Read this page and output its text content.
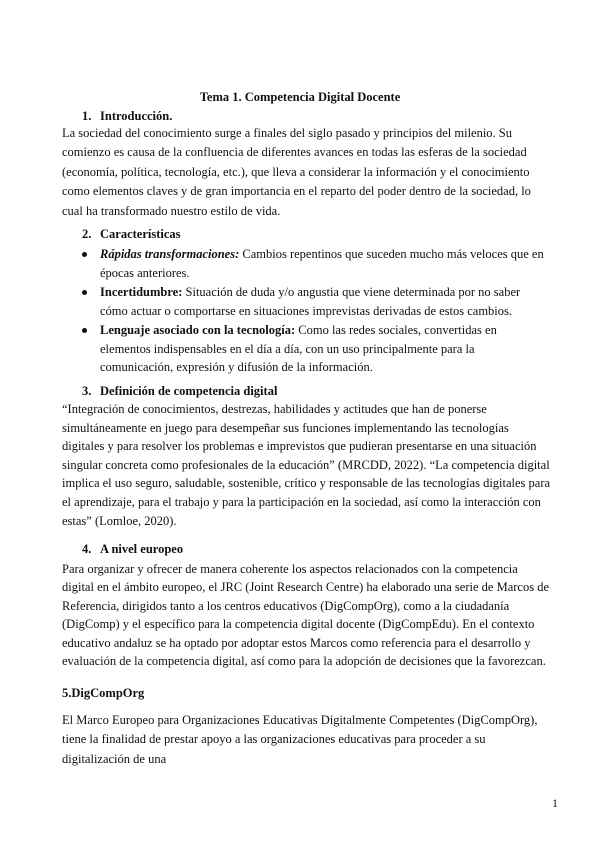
Tema 1. Competencia Digital Docente
1. Introducción.
La sociedad del conocimiento surge a finales del siglo pasado y principios del milenio. Su comienzo es causa de la confluencia de diferentes avances en todas las esferas de la sociedad (economía, política, tecnología, etc.), que lleva a considerar la información y el conocimiento como elementos claves y de gran importancia en el reparto del poder dentro de la sociedad, lo cual ha transformado nuestro estilo de vida.
2. Características
Rápidas transformaciones: Cambios repentinos que suceden mucho más veloces que en épocas anteriores.
Incertidumbre: Situación de duda y/o angustia que viene determinada por no saber cómo actuar o comportarse en situaciones imprevistas derivadas de estos cambios.
Lenguaje asociado con la tecnología: Como las redes sociales, convertidas en elementos indispensables en el día a día, con un uso principalmente para la comunicación, expresión y difusión de la información.
3. Definición de competencia digital
“Integración de conocimientos, destrezas, habilidades y actitudes que han de ponerse simultáneamente en juego para desempeñar sus funciones implementando las tecnologías digitales y para resolver los problemas e imprevistos que pudieran presentarse en una situación singular concreta como profesionales de la educación” (MRCDD, 2022). “La competencia digital implica el uso seguro, saludable, sostenible, crítico y responsable de las tecnologías digitales para el aprendizaje, para el trabajo y para la participación en la sociedad, así como la interacción con estas” (Lomloe, 2020).
4. A nivel europeo
Para organizar y ofrecer de manera coherente los aspectos relacionados con la competencia digital en el ámbito europeo, el JRC (Joint Research Centre) ha elaborado una serie de Marcos de Referencia, dirigidos tanto a los centros educativos (DigCompOrg), como a la ciudadanía (DigComp) y el específico para la competencia digital docente (DigCompEdu). En el contexto educativo andaluz se ha optado por adoptar estos Marcos como referencia para el desarrollo y evaluación de la competencia digital, así como para la adopción de decisiones que la favorezcan.
5.DigCompOrg
El Marco Europeo para Organizaciones Educativas Digitalmente Competentes (DigCompOrg), tiene la finalidad de prestar apoyo a las organizaciones educativas para proceder a su digitalización de una
1
